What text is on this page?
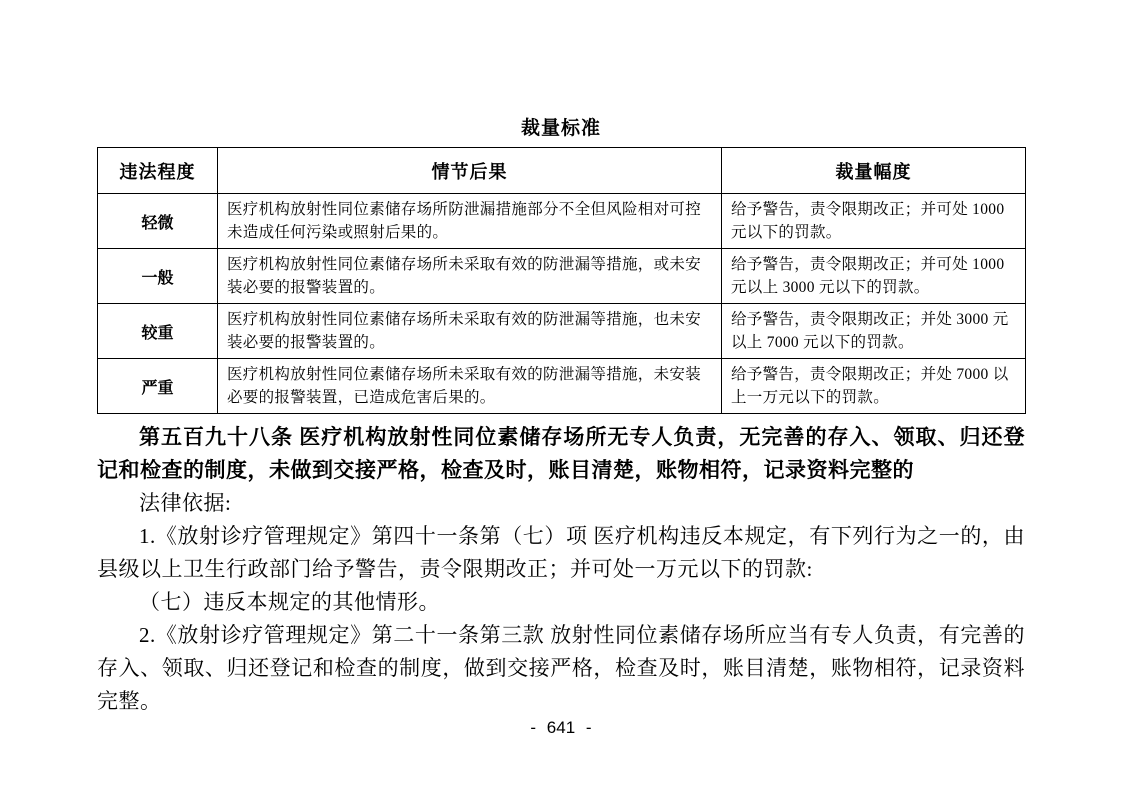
裁量标准
违法程度	情节后果	裁量幅度
轻微	医疗机构放射性同位素储存场所防泄漏措施部分不全但风险相对可控未造成任何污染或照射后果的。	给予警告，责令限期改正；并可处 1000 元以下的罚款。
一般	医疗机构放射性同位素储存场所未采取有效的防泄漏等措施，或未安装必要的报警装置的。	给予警告，责令限期改正；并可处 1000 元以上 3000 元以下的罚款。
较重	医疗机构放射性同位素储存场所未采取有效的防泄漏等措施，也未安装必要的报警装置的。	给予警告，责令限期改正；并处 3000 元以上 7000 元以下的罚款。
严重	医疗机构放射性同位素储存场所未采取有效的防泄漏等措施，未安装必要的报警装置，已造成危害后果的。	给予警告，责令限期改正；并处 7000 以上一万元以下的罚款。

第五百九十八条 医疗机构放射性同位素储存场所无专人负责，无完善的存入、领取、归还登记和检查的制度，未做到交接严格，检查及时，账目清楚，账物相符，记录资料完整的

法律依据:

1.《放射诊疗管理规定》第四十一条第（七）项 医疗机构违反本规定，有下列行为之一的，由县级以上卫生行政部门给予警告，责令限期改正；并可处一万元以下的罚款:

（七）违反本规定的其他情形。

2.《放射诊疗管理规定》第二十一条第三款 放射性同位素储存场所应当有专人负责，有完善的存入、领取、归还登记和检查的制度，做到交接严格，检查及时，账目清楚，账物相符，记录资料完整。

- 641 -
